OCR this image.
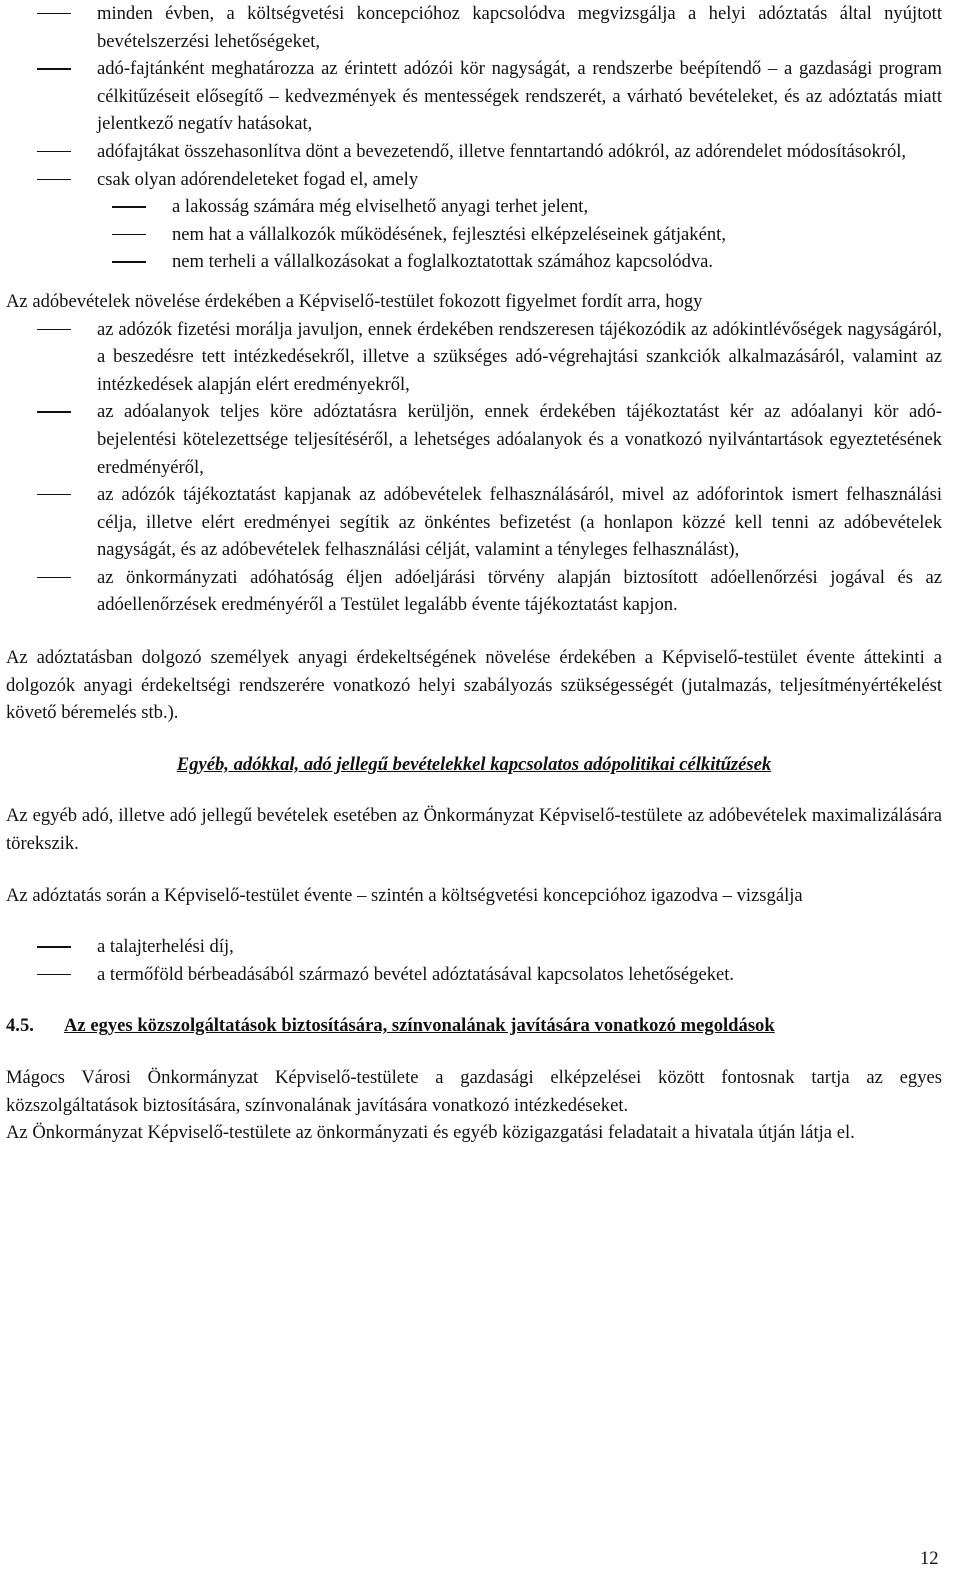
minden évben, a költségvetési koncepcióhoz kapcsolódva megvizsgálja a helyi adóztatás által nyújtott bevételszerzési lehetőségeket,
adó-fajtánként meghatározza az érintett adózói kör nagyságát, a rendszerbe beépítendő – a gazdasági program célkitűzéseit elősegítő – kedvezmények és mentességek rendszerét, a várható bevételeket, és az adóztatás miatt jelentkező negatív hatásokat,
adófajtákat összehasonlítva dönt a bevezetendő, illetve fenntartandó adókról, az adórendelet módosításokról,
csak olyan adórendeleteket fogad el, amely
a lakosság számára még elviselhető anyagi terhet jelent,
nem hat a vállalkozók működésének, fejlesztési elképzeléseinek gátjaként,
nem terheli a vállalkozásokat a foglalkoztatottak számához kapcsolódva.
Az adóbevételek növelése érdekében a Képviselő-testület fokozott figyelmet fordít arra, hogy
az adózók fizetési morálja javuljon, ennek érdekében rendszeresen tájékozódik az adókintlévőségek nagyságáról, a beszedésre tett intézkedésekről, illetve a szükséges adó-végrehajtási szankciók alkalmazásáról, valamint az intézkedések alapján elért eredményekről,
az adóalanyok teljes köre adóztatásra kerüljön, ennek érdekében tájékoztatást kér az adóalanyi kör adó-bejelentési kötelezettsége teljesítéséről, a lehetséges adóalanyok és a vonatkozó nyilvántartások egyeztetésének eredményéről,
az adózók tájékoztatást kapjanak az adóbevételek felhasználásáról, mivel az adóforintok ismert felhasználási célja, illetve elért eredményei segítik az önkéntes befizetést (a honlapon közzé kell tenni az adóbevételek nagyságát, és az adóbevételek felhasználási célját, valamint a tényleges felhasználást),
az önkormányzati adóhatóság éljen adóeljárási törvény alapján biztosított adóellenőrzési jogával és az adóellenőrzések eredményéről a Testület legalább évente tájékoztatást kapjon.
Az adóztatásban dolgozó személyek anyagi érdekeltségének növelése érdekében a Képviselő-testület évente áttekinti a dolgozók anyagi érdekeltségi rendszerére vonatkozó helyi szabályozás szükségességét (jutalmazás, teljesítményértékelést követő béremelés stb.).
Egyéb, adókkal, adó jellegű bevételekkel kapcsolatos adópolitikai célkitűzések
Az egyéb adó, illetve adó jellegű bevételek esetében az Önkormányzat Képviselő-testülete az adóbevételek maximalizálására törekszik.
Az adóztatás során a Képviselő-testület évente – szintén a költségvetési koncepcióhoz igazodva – vizsgálja
a talajterhelési díj,
a termőföld bérbeadásából származó bevétel adóztatásával kapcsolatos lehetőségeket.
4.5. Az egyes közszolgáltatások biztosítására, színvonalának javítására vonatkozó megoldások
Mágocs Városi Önkormányzat Képviselő-testülete a gazdasági elképzelései között fontosnak tartja az egyes közszolgáltatások biztosítására, színvonalának javítására vonatkozó intézkedéseket.
Az Önkormányzat Képviselő-testülete az önkormányzati és egyéb közigazgatási feladatait a hivatala útján látja el.
12
